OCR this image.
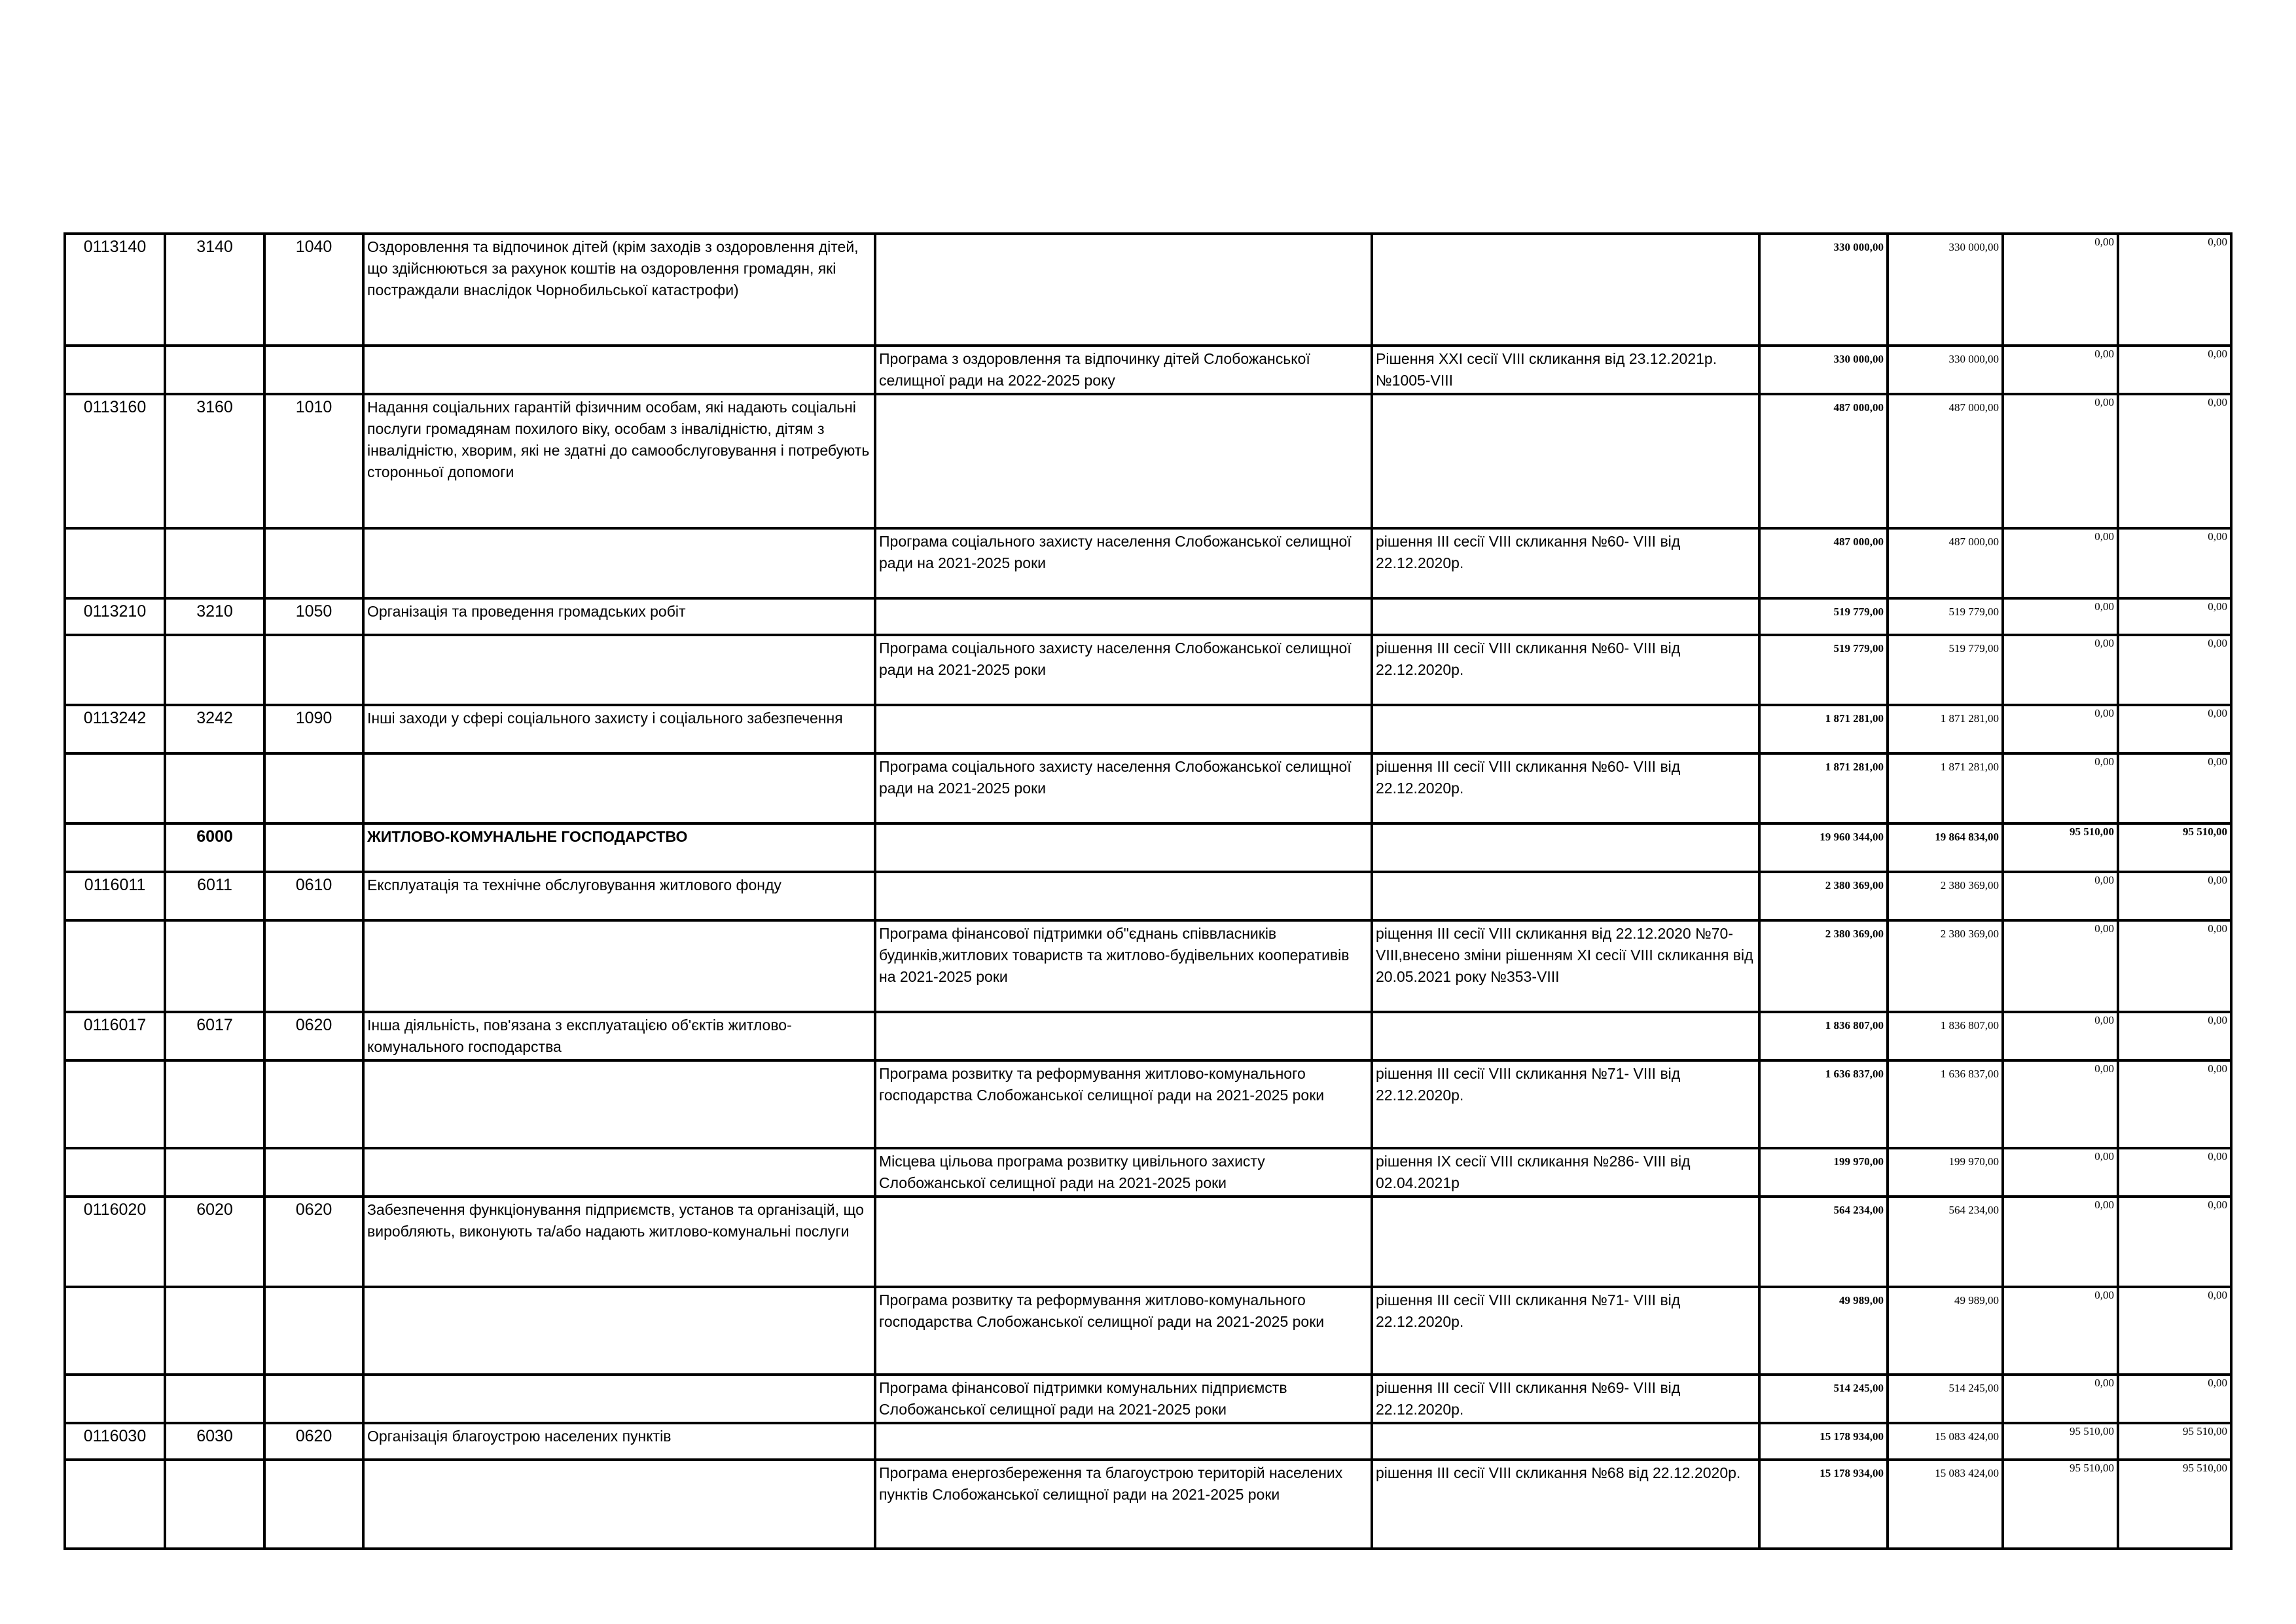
0113140	3140	1040	Оздоровлення та відпочинок дітей (крім заходів з оздоровлення дітей, що здійснюються за рахунок коштів на оздоровлення громадян, які постраждали внаслідок Чорнобильської катастрофи)			330 000,00	330 000,00	0,00	0,00
				Програма з оздоровлення та відпочинку дітей Слобожанської селищної ради на 2022-2025 року	Рішення ХХІ сесії VIII скликання від 23.12.2021р. №1005-VIII	330 000,00	330 000,00	0,00	0,00
0113160	3160	1010	Надання соціальних гарантій фізичним особам, які надають соціальні послуги громадянам похилого віку, особам з інвалідністю, дітям з інвалідністю, хворим, які не здатні до самообслуговування і потребують сторонньої допомоги			487 000,00	487 000,00	0,00	0,00
				Програма соціального захисту населення Слобожанської селищної ради на 2021-2025 роки	рішення ІІІ сесії VIII скликання №60- VIII від 22.12.2020р.	487 000,00	487 000,00	0,00	0,00
0113210	3210	1050	Організація та проведення громадських робіт			519 779,00	519 779,00	0,00	0,00
				Програма соціального захисту населення Слобожанської селищної ради на 2021-2025 роки	рішення ІІІ сесії VIII скликання №60- VIII від 22.12.2020р.	519 779,00	519 779,00	0,00	0,00
0113242	3242	1090	Інші заходи у сфері соціального захисту і соціального забезпечення			1 871 281,00	1 871 281,00	0,00	0,00
				Програма соціального захисту населення Слобожанської селищної ради на 2021-2025 роки	рішення ІІІ сесії VIII скликання №60- VIII від 22.12.2020р.	1 871 281,00	1 871 281,00	0,00	0,00
	6000		ЖИТЛОВО-КОМУНАЛЬНЕ ГОСПОДАРСТВО			19 960 344,00	19 864 834,00	95 510,00	95 510,00
0116011	6011	0610	Експлуатація та технічне обслуговування житлового фонду			2 380 369,00	2 380 369,00	0,00	0,00
				Програма фінансової підтримки об"єднань співвласників будинків,житлових товариств та житлово-будівельних кооперативів на 2021-2025 роки	ріщення ІІІ сесії VIII скликання від 22.12.2020 №70-VIII,внесено зміни рішенням ХІ сесії VIII скликання від 20.05.2021 року №353-VIII	2 380 369,00	2 380 369,00	0,00	0,00
0116017	6017	0620	Інша діяльність, пов'язана з експлуатацією об'єктів житлово-комунального господарства			1 836 807,00	1 836 807,00	0,00	0,00
				Програма розвитку та реформування житлово-комунального господарства Слобожанської селищної ради на 2021-2025 роки	рішення ІІІ сесії VIII скликання №71- VIII від 22.12.2020р.	1 636 837,00	1 636 837,00	0,00	0,00
				Місцева цільова програма розвитку цивільного захисту Слобожанської селищної ради на 2021-2025 роки	рішення ІХ сесії VIII скликання №286- VIII від 02.04.2021р	199 970,00	199 970,00	0,00	0,00
0116020	6020	0620	Забезпечення функціонування підприємств, установ та організацій, що виробляють, виконують та/або надають житлово-комунальні послуги			564 234,00	564 234,00	0,00	0,00
				Програма розвитку та реформування житлово-комунального господарства Слобожанської селищної ради на 2021-2025 роки	рішення ІІІ сесії VIII скликання №71- VIII від 22.12.2020р.	49 989,00	49 989,00	0,00	0,00
				Програма фінансової підтримки комунальних підприємств Слобожанської селищної ради на 2021-2025 роки	рішення ІІІ сесії VIII скликання №69- VIII від 22.12.2020р.	514 245,00	514 245,00	0,00	0,00
0116030	6030	0620	Організація благоустрою населених пунктів			15 178 934,00	15 083 424,00	95 510,00	95 510,00
				Програма енергозбереження та благоустрою територій населених пунктів Слобожанської селищної ради на 2021-2025 роки	рішення ІІІ сесії VIII скликання №68 від 22.12.2020р.	15 178 934,00	15 083 424,00	95 510,00	95 510,00
